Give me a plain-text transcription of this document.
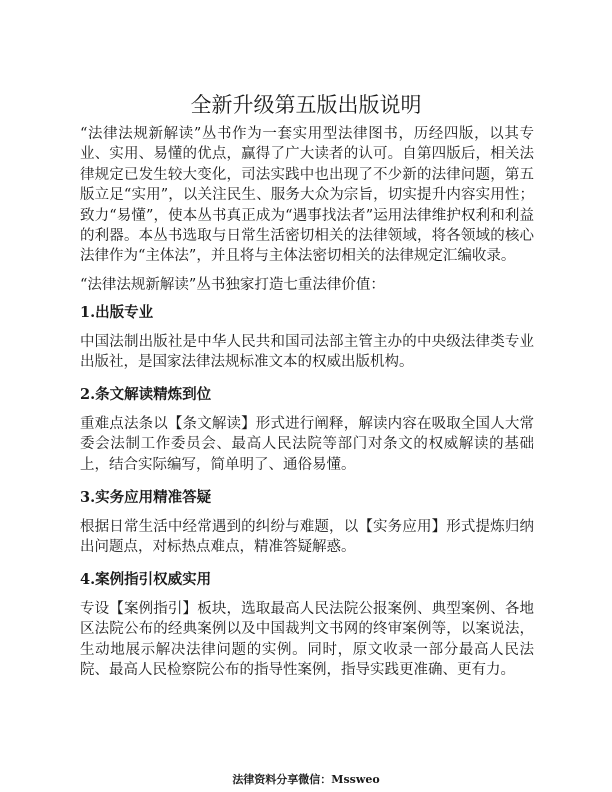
全新升级第五版出版说明

“法律法规新解读”丛书作为一套实用型法律图书，历经四版，以其专业、实用、易懂的优点，赢得了广大读者的认可。自第四版后，相关法律规定已发生较大变化，司法实践中也出现了不少新的法律问题，第五版立足“实用”，以关注民生、服务大众为宗旨，切实提升内容实用性；致力“易懂”，使本丛书真正成为“遇事找法者”运用法律维护权利和利益的利器。本丛书选取与日常生活密切相关的法律领域，将各领域的核心法律作为“主体法”，并且将与主体法密切相关的法律规定汇编收录。

“法律法规新解读”丛书独家打造七重法律价值：

1.出版专业

中国法制出版社是中华人民共和国司法部主管主办的中央级法律类专业出版社，是国家法律法规标准文本的权威出版机构。

2.条文解读精炼到位

重难点法条以【条文解读】形式进行阐释，解读内容在吸取全国人大常委会法制工作委员会、最高人民法院等部门对条文的权威解读的基础上，结合实际编写，简单明了、通俗易懂。

3.实务应用精准答疑

根据日常生活中经常遇到的纠纷与难题，以【实务应用】形式提炼归纳出问题点，对标热点难点，精准答疑解惑。

4.案例指引权威实用

专设【案例指引】板块，选取最高人民法院公报案例、典型案例、各地区法院公布的经典案例以及中国裁判文书网的终审案例等，以案说法，生动地展示解决法律问题的实例。同时，原文收录一部分最高人民法院、最高人民检察院公布的指导性案例，指导实践更准确、更有力。

法律资料分享微信：Mssweo
